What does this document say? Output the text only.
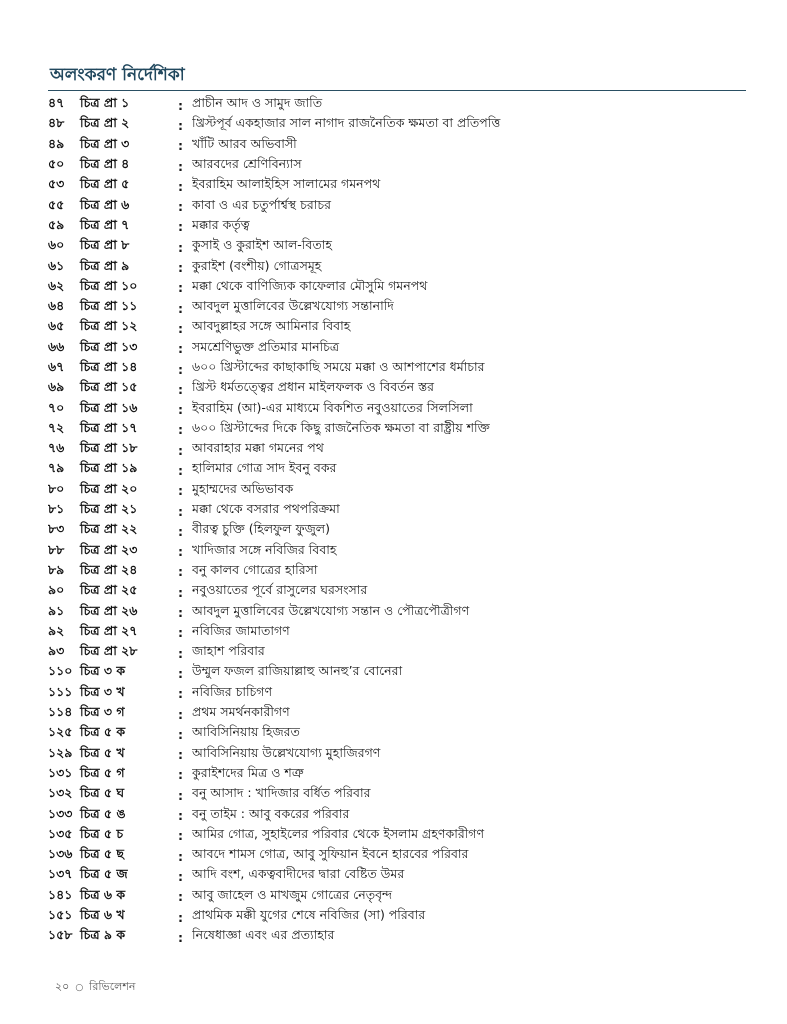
অলংকরণ নির্দেশিকা
৪৭	চিত্র প্রা ১	: প্রাচীন আদ ও সামুদ জাতি
৪৮	চিত্র প্রা ২	: খ্রিস্টপূর্ব একহাজার সাল নাগাদ রাজনৈতিক ক্ষমতা বা প্রতিপত্তি
৪৯	চিত্র প্রা ৩	: খাঁটি আরব অভিবাসী
৫০	চিত্র প্রা ৪	: আরবদের শ্রেণিবিন্যাস
৫৩	চিত্র প্রা ৫	: ইবরাহিম আলাইহিস সালামের গমনপথ
৫৫	চিত্র প্রা ৬	: কাবা ও এর চতুর্পার্শ্বস্থ চরাচর
৫৯	চিত্র প্রা ৭	: মক্কার কর্তৃত্ব
৬০	চিত্র প্রা ৮	: কুসাই ও কুরাইশ আল-বিতাহ
৬১	চিত্র প্রা ৯	: কুরাইশ (বংশীয়) গোত্রসমূহ
৬২	চিত্র প্রা ১০	: মক্কা থেকে বাণিজ্যিক কাফেলার মৌসুমি গমনপথ
৬৪	চিত্র প্রা ১১	: আবদুল মুত্তালিবের উল্লেখযোগ্য সন্তানাদি
৬৫	চিত্র প্রা ১২	: আবদুল্লাহর সঙ্গে আমিনার বিবাহ
৬৬	চিত্র প্রা ১৩	: সমশ্রেণিভুক্ত প্রতিমার মানচিত্র
৬৭	চিত্র প্রা ১৪	: ৬০০ খ্রিস্টাব্দের কাছাকাছি সময়ে মক্কা ও আশপাশের ধর্মাচার
৬৯	চিত্র প্রা ১৫	: খ্রিস্ট ধর্মতত্ত্বের প্রধান মাইলফলক ও বিবর্তন স্তর
৭০	চিত্র প্রা ১৬	: ইবরাহিম (আ)-এর মাধ্যমে বিকশিত নবুওয়াতের সিলসিলা
৭২	চিত্র প্রা ১৭	: ৬০০ খ্রিস্টাব্দের দিকে কিছু রাজনৈতিক ক্ষমতা বা রাষ্ট্রীয় শক্তি
৭৬	চিত্র প্রা ১৮	: আবরাহার মক্কা গমনের পথ
৭৯	চিত্র প্রা ১৯	: হালিমার গোত্র সাদ ইবনু বকর
৮০	চিত্র প্রা ২০	: মুহাম্মদের অভিভাবক
৮১	চিত্র প্রা ২১	: মক্কা থেকে বসরার পথপরিক্রমা
৮৩	চিত্র প্রা ২২	: বীরত্ব চুক্তি (হিলফুল ফুজুল)
৮৮	চিত্র প্রা ২৩	: খাদিজার সঙ্গে নবিজির বিবাহ
৮৯	চিত্র প্রা ২৪	: বনু কালব গোত্রের হারিসা
৯০	চিত্র প্রা ২৫	: নবুওয়াতের পূর্বে রাসুলের ঘরসংসার
৯১	চিত্র প্রা ২৬	: আবদুল মুত্তালিবের উল্লেখযোগ্য সন্তান ও পৌত্রপৌত্রীগণ
৯২	চিত্র প্রা ২৭	: নবিজির জামাতাগণ
৯৩	চিত্র প্রা ২৮	: জাহাশ পরিবার
১১০ চিত্র ৩ ক	: উম্মুল ফজল রাজিয়াল্লাহু আনহু’র বোনেরা
১১১ চিত্র ৩ খ	: নবিজির চাচিগণ
১১৪ চিত্র ৩ গ	: প্রথম সমর্থনকারীগণ
১২৫ চিত্র ৫ ক	: আবিসিনিয়ায় হিজরত
১২৯ চিত্র ৫ খ	: আবিসিনিয়ায় উল্লেখযোগ্য মুহাজিরগণ
১৩১ চিত্র ৫ গ	: কুরাইশদের মিত্র ও শত্রু
১৩২ চিত্র ৫ ঘ	: বনু আসাদ : খাদিজার বর্ধিত পরিবার
১৩৩ চিত্র ৫ ঙ	: বনু তাইম : আবু বকরের পরিবার
১৩৫ চিত্র ৫ চ	: আমির গোত্র, সুহাইলের পরিবার থেকে ইসলাম গ্রহণকারীগণ
১৩৬ চিত্র ৫ ছ	: আবদে শামস গোত্র, আবু সুফিয়ান ইবনে হারবের পরিবার
১৩৭ চিত্র ৫ জ	: আদি বংশ, একত্ববাদীদের দ্বারা বেষ্টিত উমর
১৪১ চিত্র ৬ ক	: আবু জাহেল ও মাখজুম গোত্রের নেতৃবৃন্দ
১৫১ চিত্র ৬ খ	: প্রাথমিক মক্কী যুগের শেষে নবিজির (সা) পরিবার
১৫৮ চিত্র ৯ ক	: নিষেধাজ্ঞা এবং এর প্রত্যাহার
২০ ○ রিভিলেশন
